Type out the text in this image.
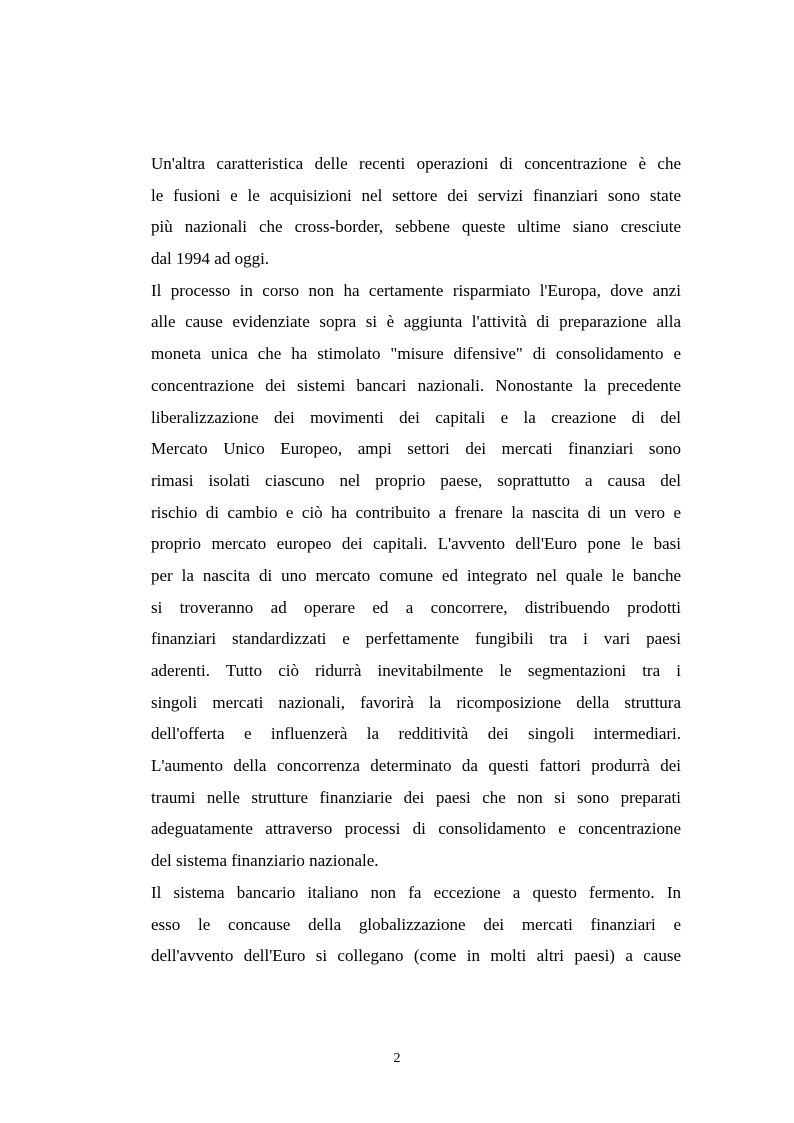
Un'altra caratteristica delle recenti operazioni di concentrazione è che
le fusioni e le acquisizioni nel settore dei servizi finanziari sono state
più nazionali che cross-border, sebbene queste ultime siano cresciute
dal 1994 ad oggi.
Il processo in corso non ha certamente risparmiato l'Europa, dove anzi
alle cause evidenziate sopra si è aggiunta l'attività di preparazione alla
moneta unica che ha stimolato "misure difensive" di consolidamento e
concentrazione dei sistemi bancari nazionali. Nonostante la precedente
liberalizzazione dei movimenti dei capitali e la creazione di del
Mercato Unico Europeo, ampi settori dei mercati finanziari sono
rimasi isolati ciascuno nel proprio paese, soprattutto a causa del
rischio di cambio e ciò ha contribuito a frenare la nascita di un vero e
proprio mercato europeo dei capitali. L'avvento dell'Euro pone le basi
per la nascita di uno mercato comune ed integrato nel quale le banche
si troveranno ad operare ed a concorrere, distribuendo prodotti
finanziari standardizzati e perfettamente fungibili tra i vari paesi
aderenti. Tutto ciò ridurrà inevitabilmente le segmentazioni tra i
singoli mercati nazionali, favorirà la ricomposizione della struttura
dell'offerta e influenzerà la redditività dei singoli intermediari.
L'aumento della concorrenza determinato da questi fattori produrrà dei
traumi nelle strutture finanziarie dei paesi che non si sono preparati
adeguatamente attraverso processi di consolidamento e concentrazione
del sistema finanziario nazionale.
Il sistema bancario italiano non fa eccezione a questo fermento. In
esso le concause della globalizzazione dei mercati finanziari e
dell'avvento dell'Euro si collegano (come in molti altri paesi) a cause
2
